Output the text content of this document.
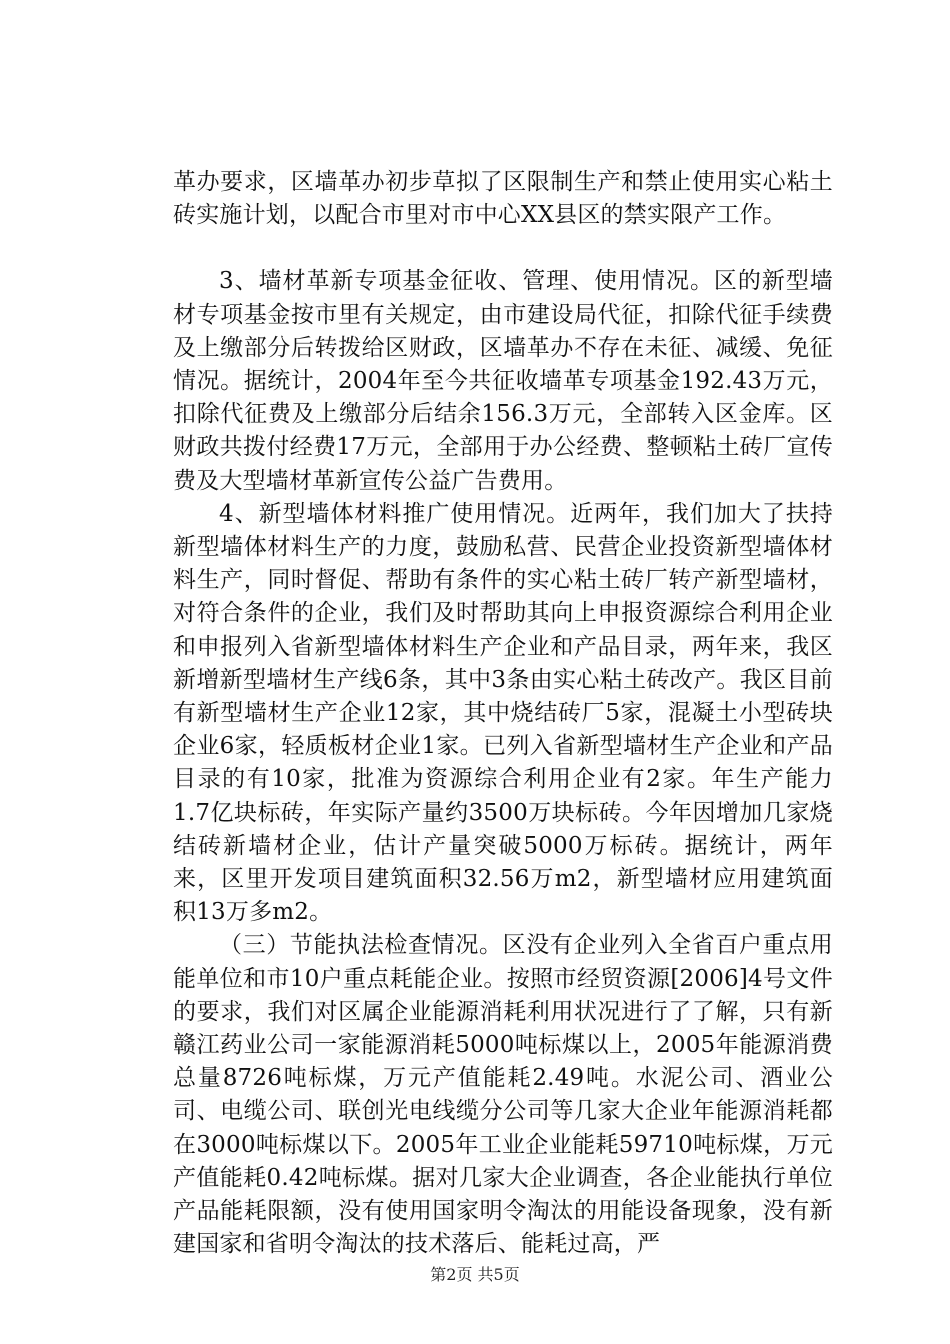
革办要求，区墙革办初步草拟了区限制生产和禁止使用实心粘土砖实施计划，以配合市里对市中心XX县区的禁实限产工作。

3、墙材革新专项基金征收、管理、使用情况。区的新型墙材专项基金按市里有关规定，由市建设局代征，扣除代征手续费及上缴部分后转拨给区财政，区墙革办不存在未征、减缓、免征情况。据统计，2004年至今共征收墙革专项基金192.43万元，扣除代征费及上缴部分后结余156.3万元，全部转入区金库。区财政共拨付经费17万元，全部用于办公经费、整顿粘土砖厂宣传费及大型墙材革新宣传公益广告费用。

4、新型墙体材料推广使用情况。近两年，我们加大了扶持新型墙体材料生产的力度，鼓励私营、民营企业投资新型墙体材料生产，同时督促、帮助有条件的实心粘土砖厂转产新型墙材，对符合条件的企业，我们及时帮助其向上申报资源综合利用企业和申报列入省新型墙体材料生产企业和产品目录，两年来，我区新增新型墙材生产线6条，其中3条由实心粘土砖改产。我区目前有新型墙材生产企业12家，其中烧结砖厂5家，混凝土小型砖块企业6家，轻质板材企业1家。已列入省新型墙材生产企业和产品目录的有10家，批准为资源综合利用企业有2家。年生产能力1.7亿块标砖，年实际产量约3500万块标砖。今年因增加几家烧结砖新墙材企业，估计产量突破5000万标砖。据统计，两年来，区里开发项目建筑面积32.56万m2，新型墙材应用建筑面积13万多m2。

（三）节能执法检查情况。区没有企业列入全省百户重点用能单位和市10户重点耗能企业。按照市经贸资源[2006]4号文件的要求，我们对区属企业能源消耗利用状况进行了了解，只有新赣江药业公司一家能源消耗5000吨标煤以上，2005年能源消费总量8726吨标煤，万元产值能耗2.49吨。水泥公司、酒业公司、电缆公司、联创光电线缆分公司等几家大企业年能源消耗都在3000吨标煤以下。2005年工业企业能耗59710吨标煤，万元产值能耗0.42吨标煤。据对几家大企业调查，各企业能执行单位产品能耗限额，没有使用国家明令淘汰的用能设备现象，没有新建国家和省明令淘汰的技术落后、能耗过高，严

第2页 共5页
